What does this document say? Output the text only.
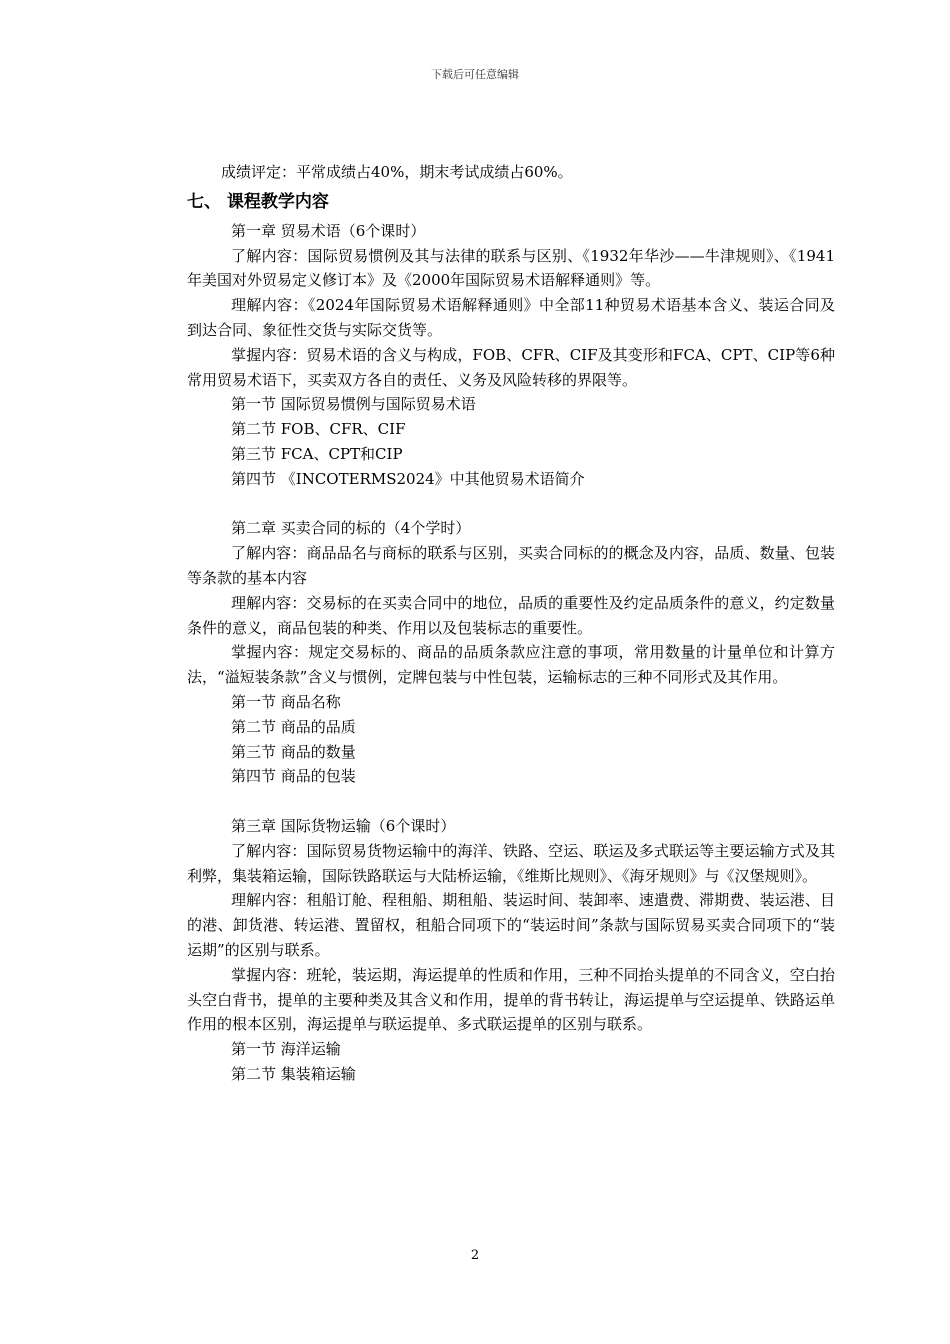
下载后可任意编辑
成绩评定：平常成绩占40%，期末考试成绩占60%。
七、 课程教学内容
第一章 贸易术语（6个课时）

了解内容：国际贸易惯例及其与法律的联系与区别、《1932年华沙——牛津规则》、《1941年美国对外贸易定义修订本》及《2000年国际贸易术语解释通则》等。

理解内容：《2024年国际贸易术语解释通则》中全部11种贸易术语基本含义、装运合同及到达合同、象征性交货与实际交货等。

掌握内容：贸易术语的含义与构成，FOB、CFR、CIF及其变形和FCA、CPT、CIP等6种常用贸易术语下，买卖双方各自的责任、义务及风险转移的界限等。

第一节 国际贸易惯例与国际贸易术语
第二节 FOB、CFR、CIF
第三节 FCA、CPT和CIP
第四节 《INCOTERMS2024》中其他贸易术语简介
第二章 买卖合同的标的（4个学时）

了解内容：商品品名与商标的联系与区别，买卖合同标的的概念及内容，品质、数量、包装等条款的基本内容

理解内容：交易标的在买卖合同中的地位，品质的重要性及约定品质条件的意义，约定数量条件的意义，商品包装的种类、作用以及包装标志的重要性。

掌握内容：规定交易标的、商品的品质条款应注意的事项，常用数量的计量单位和计算方法，“溢短装条款”含义与惯例，定牌包装与中性包装，运输标志的三种不同形式及其作用。

第一节 商品名称
第二节 商品的品质
第三节 商品的数量
第四节 商品的包装
第三章 国际货物运输（6个课时）

了解内容：国际贸易货物运输中的海洋、铁路、空运、联运及多式联运等主要运输方式及其利弊，集装箱运输，国际铁路联运与大陆桥运输，《维斯比规则》、《海牙规则》与《汉堡规则》。

理解内容：租船订舱、程租船、期租船、装运时间、装卸率、速遣费、滞期费、装运港、目的港、卸货港、转运港、置留权，租船合同项下的“装运时间”条款与国际贸易买卖合同项下的“装运期”的区别与联系。

掌握内容：班轮，装运期，海运提单的性质和作用，三种不同抬头提单的不同含义，空白抬头空白背书，提单的主要种类及其含义和作用，提单的背书转让，海运提单与空运提单、铁路运单作用的根本区别，海运提单与联运提单、多式联运提单的区别与联系。

第一节 海洋运输
第二节 集装箱运输
2
